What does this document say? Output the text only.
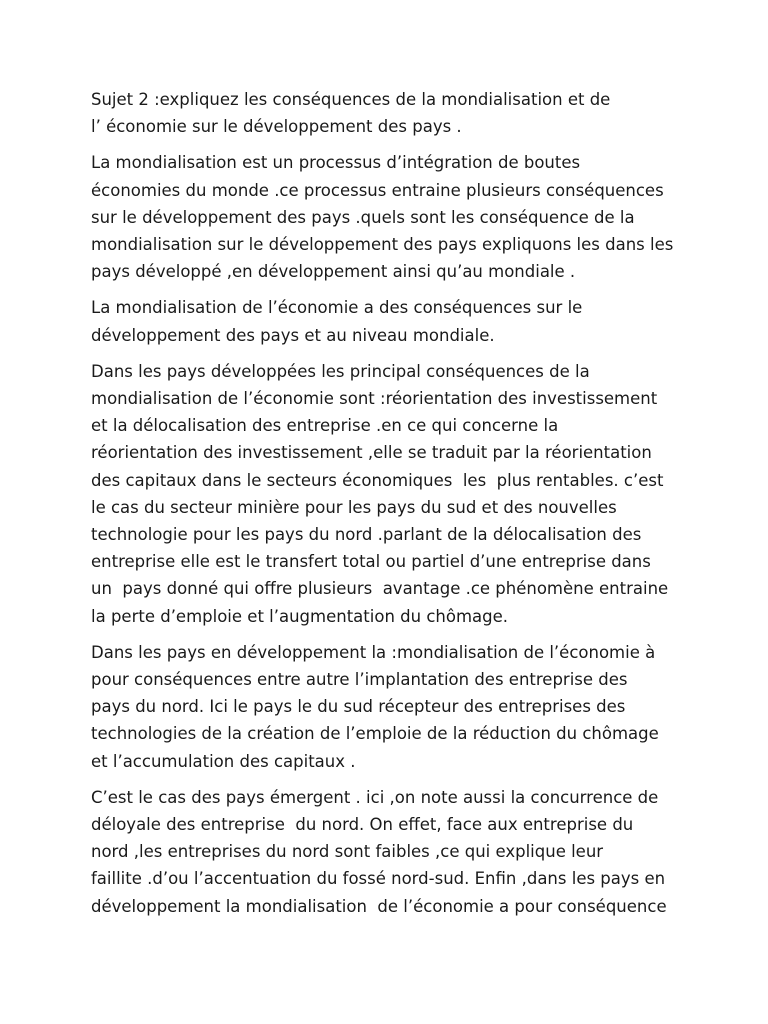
Sujet 2 :expliquez les conséquences de la mondialisation et de
l’ économie sur le développement des pays .
La mondialisation est un processus d’intégration de boutes
économies du monde .ce processus entraine plusieurs conséquences
sur le développement des pays .quels sont les conséquence de la
mondialisation sur le développement des pays expliquons les dans les
pays développé ,en développement ainsi qu’au mondiale .
La mondialisation de l’économie a des conséquences sur le
développement des pays et au niveau mondiale.
Dans les pays développées les principal conséquences de la
mondialisation de l’économie sont :réorientation des investissement
et la délocalisation des entreprise .en ce qui concerne la
réorientation des investissement ,elle se traduit par la réorientation
des capitaux dans le secteurs économiques  les  plus rentables. c’est
le cas du secteur minière pour les pays du sud et des nouvelles
technologie pour les pays du nord .parlant de la délocalisation des
entreprise elle est le transfert total ou partiel d’une entreprise dans
un  pays donné qui offre plusieurs  avantage .ce phénomène entraine
la perte d’emploie et l’augmentation du chômage.
Dans les pays en développement la :mondialisation de l’économie à
pour conséquences entre autre l’implantation des entreprise des
pays du nord. Ici le pays le du sud récepteur des entreprises des
technologies de la création de l’emploie de la réduction du chômage
et l’accumulation des capitaux .
C’est le cas des pays émergent . ici ,on note aussi la concurrence de
déloyale des entreprise  du nord. On effet, face aux entreprise du
nord ,les entreprises du nord sont faibles ,ce qui explique leur
faillite .d’ou l’accentuation du fossé nord-sud. Enfin ,dans les pays en
développement la mondialisation  de l’économie a pour conséquence
